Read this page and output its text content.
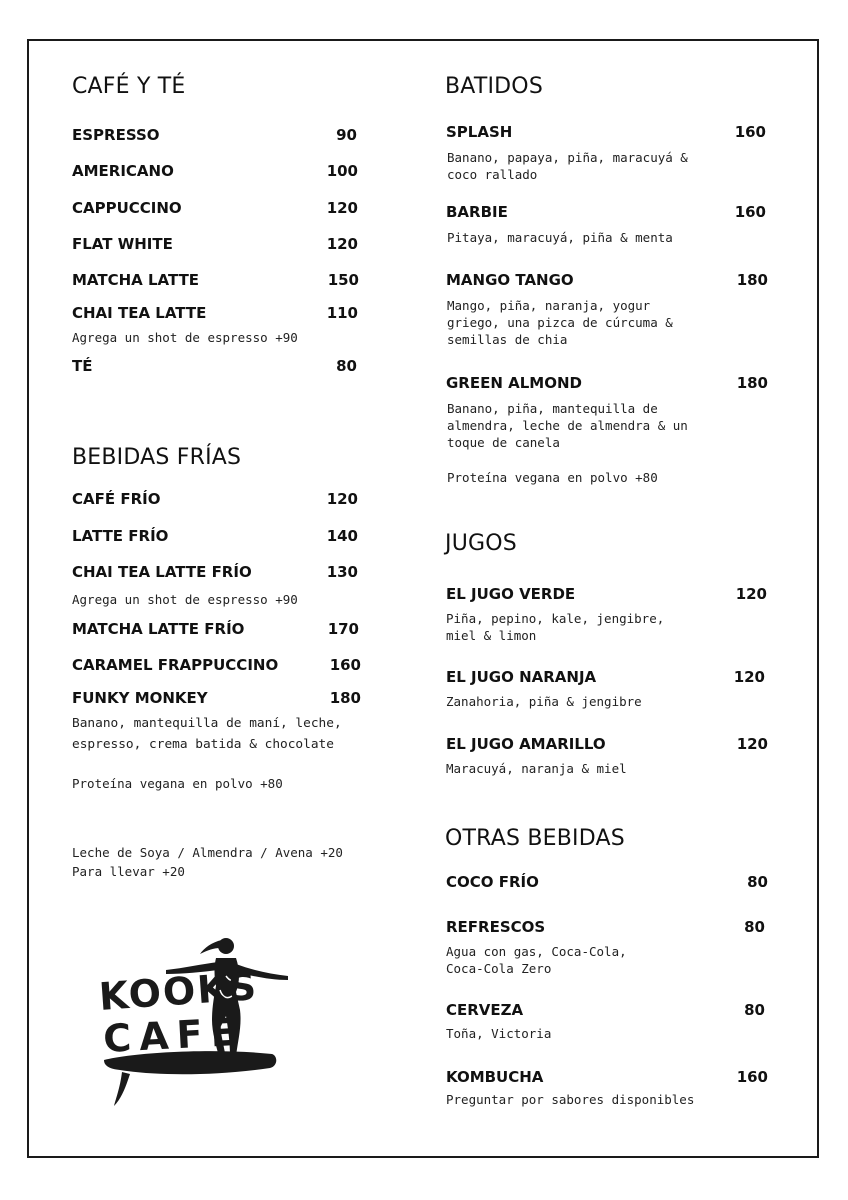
CAFÉ Y TÉ
ESPRESSO	90
AMERICANO	100
CAPPUCCINO	120
FLAT WHITE	120
MATCHA LATTE	150
CHAI TEA LATTE	110
Agrega un shot de espresso +90
TÉ	80
BEBIDAS FRÍAS
CAFÉ FRÍO	120
LATTE FRÍO	140
CHAI TEA LATTE FRÍO	130
Agrega un shot de espresso +90
MATCHA LATTE FRÍO	170
CARAMEL FRAPPUCCINO	160
FUNKY MONKEY	180
Banano, mantequilla de maní, leche,
espresso, crema batida & chocolate
Proteína vegana en polvo +80
Leche de Soya / Almendra / Avena +20
Para llevar +20
KOOKS
CAFE
BATIDOS
SPLASH	160
Banano, papaya, piña, maracuyá &
coco rallado
BARBIE	160
Pitaya, maracuyá, piña & menta
MANGO TANGO	180
Mango, piña, naranja, yogur
griego, una pizca de cúrcuma &
semillas de chia
GREEN ALMOND	180
Banano, piña, mantequilla de
almendra, leche de almendra & un
toque de canela
Proteína vegana en polvo +80
JUGOS
EL JUGO VERDE	120
Piña, pepino, kale, jengibre,
miel & limon
EL JUGO NARANJA	120
Zanahoria, piña & jengibre
EL JUGO AMARILLO	120
Maracuyá, naranja & miel
OTRAS BEBIDAS
COCO FRÍO	80
REFRESCOS	80
Agua con gas, Coca-Cola,
Coca-Cola Zero
CERVEZA	80
Toña, Victoria
KOMBUCHA	160
Preguntar por sabores disponibles
